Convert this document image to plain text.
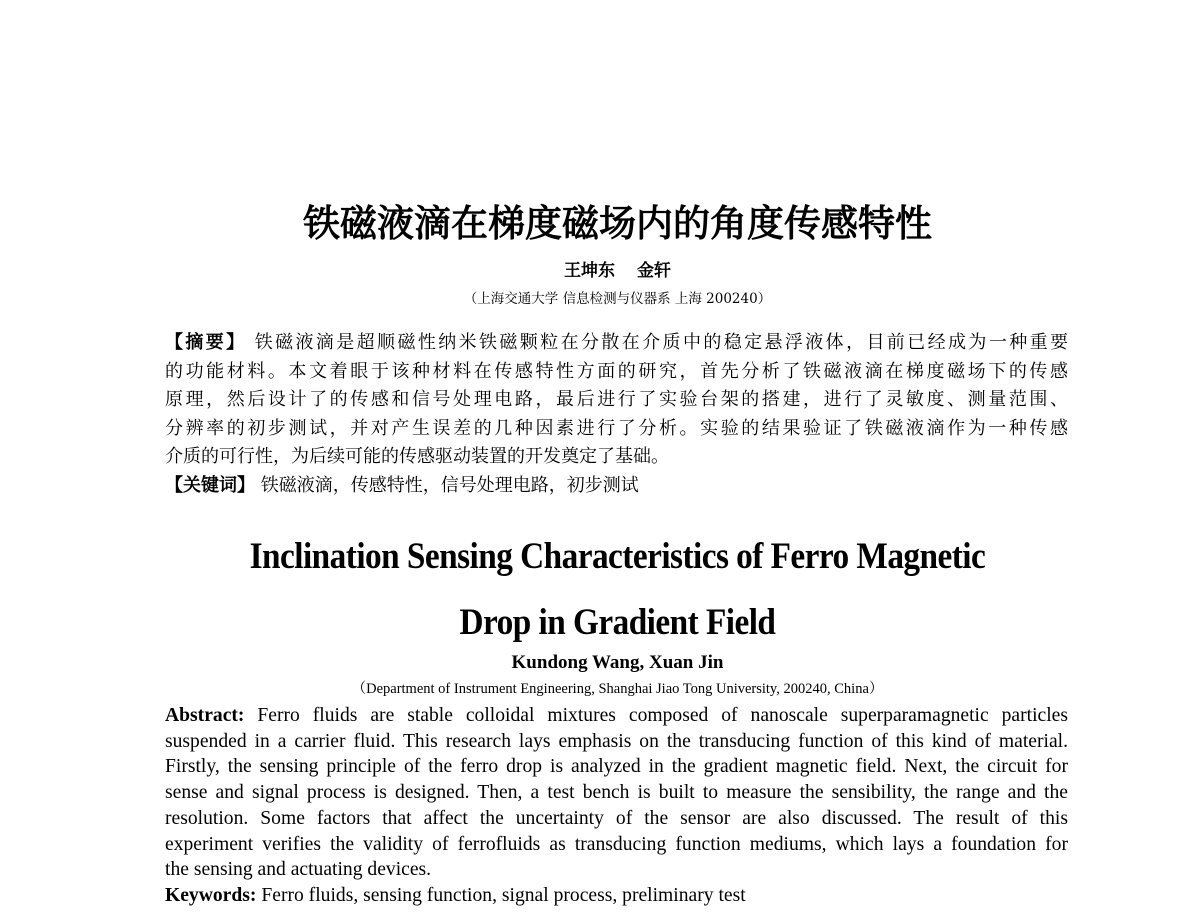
铁磁液滴在梯度磁场内的角度传感特性
王坤东 金轩
（上海交通大学 信息检测与仪器系 上海 200240）
【摘要】 铁磁液滴是超顺磁性纳米铁磁颗粒在分散在介质中的稳定悬浮液体，目前已经成为一种重要
的功能材料。本文着眼于该种材料在传感特性方面的研究，首先分析了铁磁液滴在梯度磁场下的传感
原理，然后设计了的传感和信号处理电路，最后进行了实验台架的搭建，进行了灵敏度、测量范围、
分辨率的初步测试，并对产生误差的几种因素进行了分析。实验的结果验证了铁磁液滴作为一种传感
介质的可行性，为后续可能的传感驱动装置的开发奠定了基础。
【关键词】 铁磁液滴，传感特性，信号处理电路，初步测试
Inclination Sensing Characteristics of Ferro Magnetic
Drop in Gradient Field
Kundong Wang, Xuan Jin
（Department of Instrument Engineering, Shanghai Jiao Tong University, 200240, China）
Abstract: Ferro fluids are stable colloidal mixtures composed of nanoscale superparamagnetic particles
suspended in a carrier fluid. This research lays emphasis on the transducing function of this kind of material.
Firstly, the sensing principle of the ferro drop is analyzed in the gradient magnetic field. Next, the circuit for
sense and signal process is designed. Then, a test bench is built to measure the sensibility, the range and the
resolution. Some factors that affect the uncertainty of the sensor are also discussed. The result of this
experiment verifies the validity of ferrofluids as transducing function mediums, which lays a foundation for
the sensing and actuating devices.
Keywords: Ferro fluids, sensing function, signal process, preliminary test
